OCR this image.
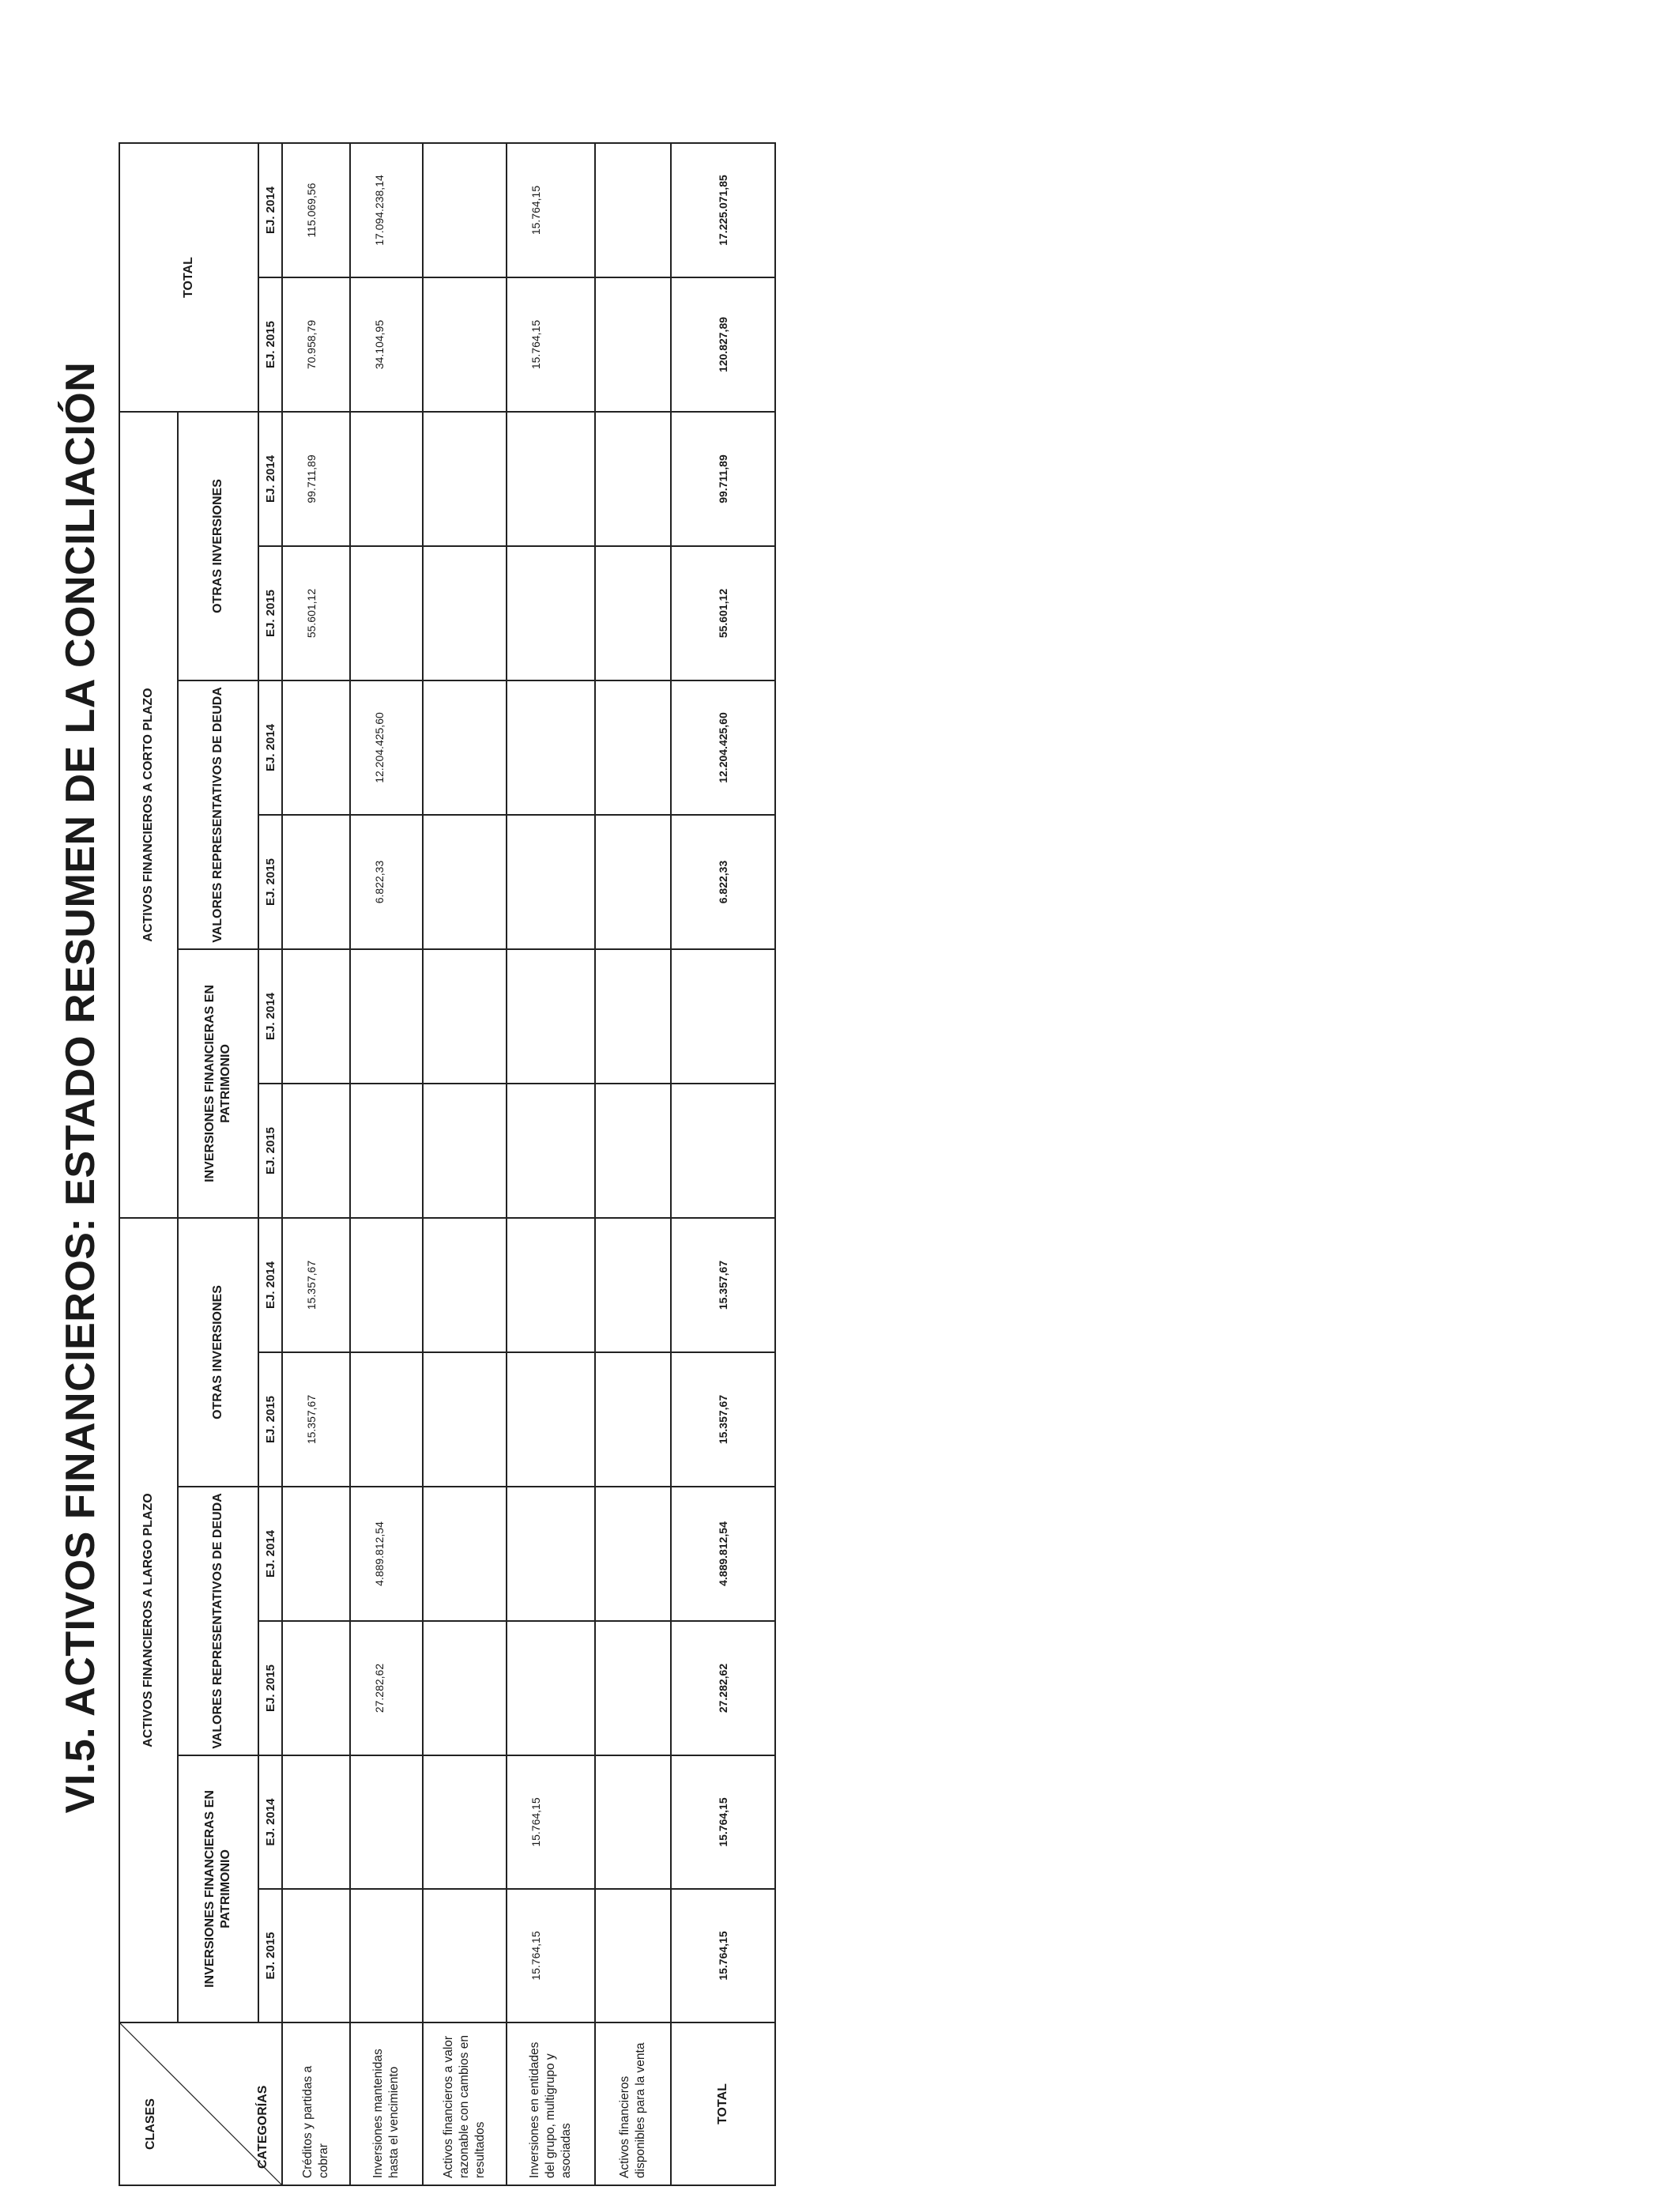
VI.5. ACTIVOS FINANCIEROS: ESTADO RESUMEN DE LA CONCILIACIÓN
CLASES CATEGORÍAS	ACTIVOS FINANCIEROS A LARGO PLAZO						ACTIVOS FINANCIEROS A CORTO PLAZO						TOTAL	
	INVERSIONES FINANCIERAS EN PATRIMONIO		VALORES REPRESENTATIVOS DE DEUDA		OTRAS INVERSIONES		INVERSIONES FINANCIERAS EN PATRIMONIO		VALORES REPRESENTATIVOS DE DEUDA		OTRAS INVERSIONES			
	EJ. 2015	EJ. 2014	EJ. 2015	EJ. 2014	EJ. 2015	EJ. 2014	EJ. 2015	EJ. 2014	EJ. 2015	EJ. 2014	EJ. 2015	EJ. 2014	EJ. 2015	EJ. 2014
Créditos y partidas a cobrar					15.357,67	15.357,67					55.601,12	99.711,89	70.958,79	115.069,56
Inversiones mantenidas hasta el vencimiento			27.282,62	4.889.812,54					6.822,33	12.204.425,60			34.104,95	17.094.238,14
Activos financieros a valor razonable con cambios en resultados														
Inversiones en entidades del grupo, multigrupo y asociadas	15.764,15	15.764,15											15.764,15	15.764,15
Activos financieros disponibles para la venta														
TOTAL	15.764,15	15.764,15	27.282,62	4.889.812,54	15.357,67	15.357,67			6.822,33	12.204.425,60	55.601,12	99.711,89	120.827,89	17.225.071,85
